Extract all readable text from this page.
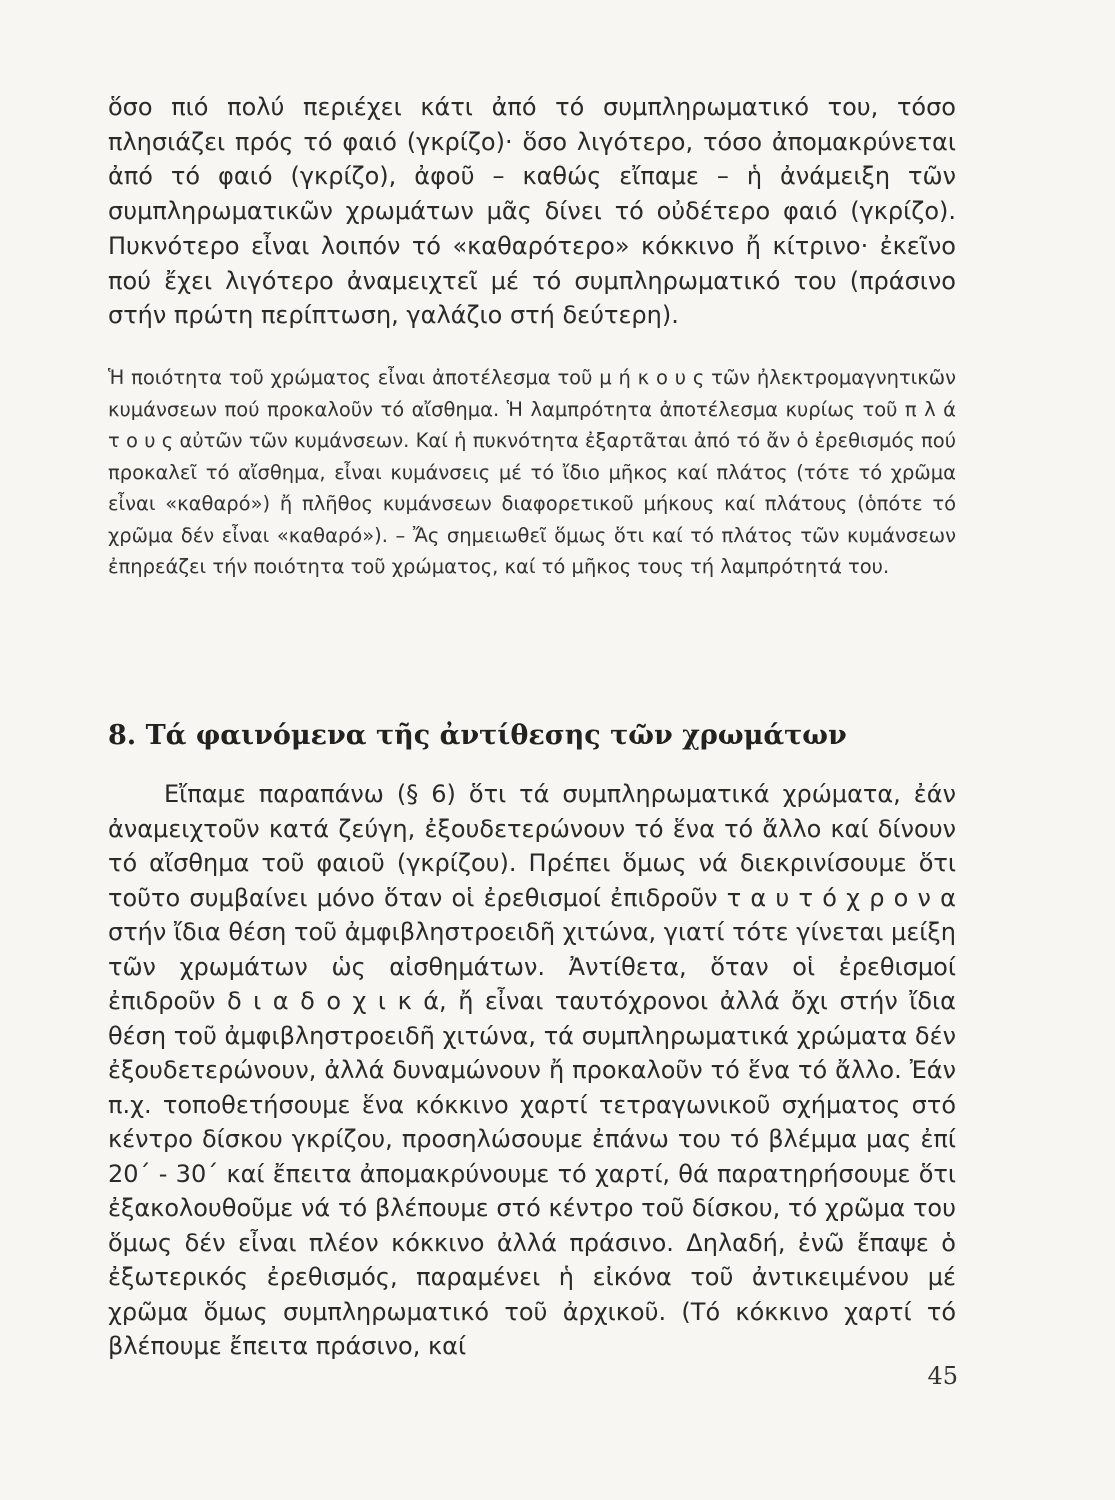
ὅσο πιό πολύ περιέχει κάτι ἀπό τό συμπληρωματικό του, τόσο πλησιάζει πρός τό φαιό (γκρίζο)· ὅσο λιγότερο, τόσο ἀπομακρύνεται ἀπό τό φαιό (γκρίζο), ἀφοῦ – καθώς εἴπαμε – ἡ ἀνάμειξη τῶν συμπληρωματικῶν χρωμάτων μᾶς δίνει τό οὐδέτερο φαιό (γκρίζο). Πυκνότερο εἶναι λοιπόν τό «καθαρότερο» κόκκινο ἤ κίτρινο· ἐκεῖνο πού ἔχει λιγότερο ἀναμειχτεῖ μέ τό συμπληρωματικό του (πράσινο στήν πρώτη περίπτωση, γαλάζιο στή δεύτερη).

Ἡ ποιότητα τοῦ χρώματος εἶναι ἀποτέλεσμα τοῦ μ ή κ ο υ ς τῶν ἠλεκτρομαγνητικῶν κυμάνσεων πού προκαλοῦν τό αἴσθημα. Ἡ λαμπρότητα ἀποτέλεσμα κυρίως τοῦ π λ ά τ ο υ ς αὐτῶν τῶν κυμάνσεων. Καί ἡ πυκνότητα ἐξαρτᾶται ἀπό τό ἄν ὁ ἐρεθισμός πού προκαλεῖ τό αἴσθημα, εἶναι κυμάνσεις μέ τό ἴδιο μῆκος καί πλάτος (τότε τό χρῶμα εἶναι «καθαρό») ἤ πλῆθος κυμάνσεων διαφορετικοῦ μήκους καί πλάτους (ὁπότε τό χρῶμα δέν εἶναι «καθαρό»). – Ἄς σημειωθεῖ ὅμως ὅτι καί τό πλάτος τῶν κυμάνσεων ἐπηρεάζει τήν ποιότητα τοῦ χρώματος, καί τό μῆκος τους τή λαμπρότητά του.

8. Τά φαινόμενα τῆς ἀντίθεσης τῶν χρωμάτων

Εἴπαμε παραπάνω (§ 6) ὅτι τά συμπληρωματικά χρώματα, ἐάν ἀναμειχτοῦν κατά ζεύγη, ἐξουδετερώνουν τό ἕνα τό ἄλλο καί δίνουν τό αἴσθημα τοῦ φαιοῦ (γκρίζου). Πρέπει ὅμως νά διεκρινίσουμε ὅτι τοῦτο συμβαίνει μόνο ὅταν οἱ ἐρεθισμοί ἐπιδροῦν τ α υ τ ό χ ρ ο ν α στήν ἴδια θέση τοῦ ἀμφιβληστροειδῆ χιτώνα, γιατί τότε γίνεται μείξη τῶν χρωμάτων ὡς αἰσθημάτων. Ἀντίθετα, ὅταν οἱ ἐρεθισμοί ἐπιδροῦν δ ι α δ ο χ ι κ ά, ἤ εἶναι ταυτόχρονοι ἀλλά ὄχι στήν ἴδια θέση τοῦ ἀμφιβληστροειδῆ χιτώνα, τά συμπληρωματικά χρώματα δέν ἐξουδετερώνουν, ἀλλά δυναμώνουν ἤ προκαλοῦν τό ἕνα τό ἄλλο. Ἐάν π.χ. τοποθετήσουμε ἕνα κόκκινο χαρτί τετραγωνικοῦ σχήματος στό κέντρο δίσκου γκρίζου, προσηλώσουμε ἐπάνω του τό βλέμμα μας ἐπί 20΄ - 30΄ καί ἔπειτα ἀπομακρύνουμε τό χαρτί, θά παρατηρήσουμε ὅτι ἐξακολουθοῦμε νά τό βλέπουμε στό κέντρο τοῦ δίσκου, τό χρῶμα του ὅμως δέν εἶναι πλέον κόκκινο ἀλλά πράσινο. Δηλαδή, ἐνῶ ἔπαψε ὁ ἐξωτερικός ἐρεθισμός, παραμένει ἡ εἰκόνα τοῦ ἀντικειμένου μέ χρῶμα ὅμως συμπληρωματικό τοῦ ἀρχικοῦ. (Τό κόκκινο χαρτί τό βλέπουμε ἔπειτα πράσινο, καί

45
